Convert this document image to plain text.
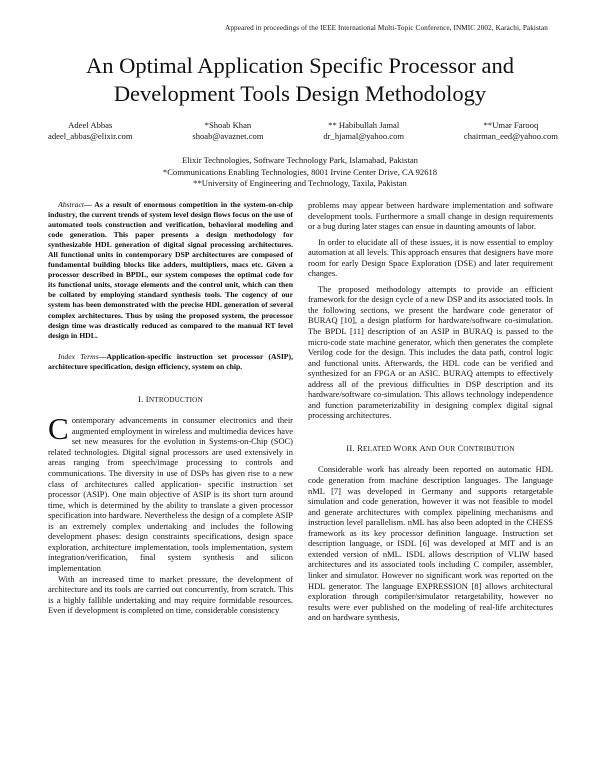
Appeared in proceedings of the IEEE International Multi-Topic Conference, INMIC 2002, Karachi, Pakistan
An Optimal Application Specific Processor and
Development Tools Design Methodology
Adeel Abbas
adeel_abbas@elixir.com
*Shoab Khan
shoab@avaznet.com
** Habibullah Jamal
dr_hjamal@yahoo.com
**Umar Farooq
chairman_eed@yahoo.com
Elixir Technologies, Software Technology Park, Islamabad, Pakistan
*Communications Enabling Technologies, 8001 Irvine Center Drive, CA 92618
**University of Engineering and Technology, Taxila, Pakistan

Abstract— As a result of enormous competition in the system-on-chip industry, the current trends of system level design flows focus on the use of automated tools construction and verification, behavioral modeling and code generation. This paper presents a design methodology for synthesizable HDL generation of digital signal processing architectures. All functional units in contemporary DSP architectures are composed of fundamental building blocks like adders, multipliers, macs etc. Given a processor described in BPDL, our system composes the optimal code for its functional units, storage elements and the control unit, which can then be collated by employing standard synthesis tools. The cogency of our system has been demonstrated with the precise HDL generation of several complex architectures. Thus by using the proposed system, the processor design time was drastically reduced as compared to the manual RT level design in HDL.

Index Terms—Application-specific instruction set processor (ASIP), architecture specification, design efficiency, system on chip.

I. INTRODUCTION

Contemporary advancements in consumer electronics and their augmented employment in wireless and multimedia devices have set new measures for the evolution in Systems-on-Chip (SOC) related technologies. Digital signal processors are used extensively in areas ranging from speech/image processing to controls and communications. The diversity in use of DSPs has given rise to a new class of architectures called application- specific instruction set processor (ASIP). One main objective of ASIP is its short turn around time, which is determined by the ability to translate a given processor specification into hardware. Nevertheless the design of a complete ASIP is an extremely complex undertaking and includes the following development phases: design constraints specifications, design space exploration, architecture implementation, tools implementation, system integration/verification, final system synthesis and silicon implementation

With an increased time to market pressure, the development of architecture and its tools are carried out concurrently, from scratch. This is a highly fallible undertaking and may require formidable resources. Even if development is completed on time, considerable consistency

problems may appear between hardware implementation and software development tools. Furthermore a small change in design requirements or a bug during later stages can ensue in daunting amounts of labor.

In order to elucidate all of these issues, it is now essential to employ automation at all levels. This approach ensures that designers have more room for early Design Space Exploration (DSE) and later requirement changes.

The proposed methodology attempts to provide an efficient framework for the design cycle of a new DSP and its associated tools. In the following sections, we present the hardware code generator of BURAQ [10], a design platform for hardware/software co-simulation. The BPDL [11] description of an ASIP in BURAQ is passed to the micro-code state machine generator, which then generates the complete Verilog code for the design. This includes the data path, control logic and functional units. Afterwards, the HDL code can be verified and synthesized for an FPGA or an ASIC. BURAQ attempts to effectively address all of the previous difficulties in DSP description and its hardware/software co-simulation. This allows technology independence and function parameterizability in designing complex digital signal processing architectures.

II. RELATED WORK AND OUR CONTRIBUTION

Considerable work has already been reported on automatic HDL code generation from machine description languages. The language nML [7] was developed in Germany and supports retargetable simulation and code generation, however it was not feasible to model and generate architectures with complex pipelining mechanisms and instruction level parallelism. nML has also been adopted in the CHESS framework as its key processor definition language. Instruction set description language, or ISDL [6] was developed at MIT and is an extended version of nML. ISDL allows description of VLIW based architectures and its associated tools including C compiler, assembler, linker and simulator. However no significant work was reported on the HDL generator. The language EXPRESSION [8] allows architectural exploration through compiler/simulator retargetability, however no results were ever published on the modeling of real-life architectures and on hardware synthesis,
